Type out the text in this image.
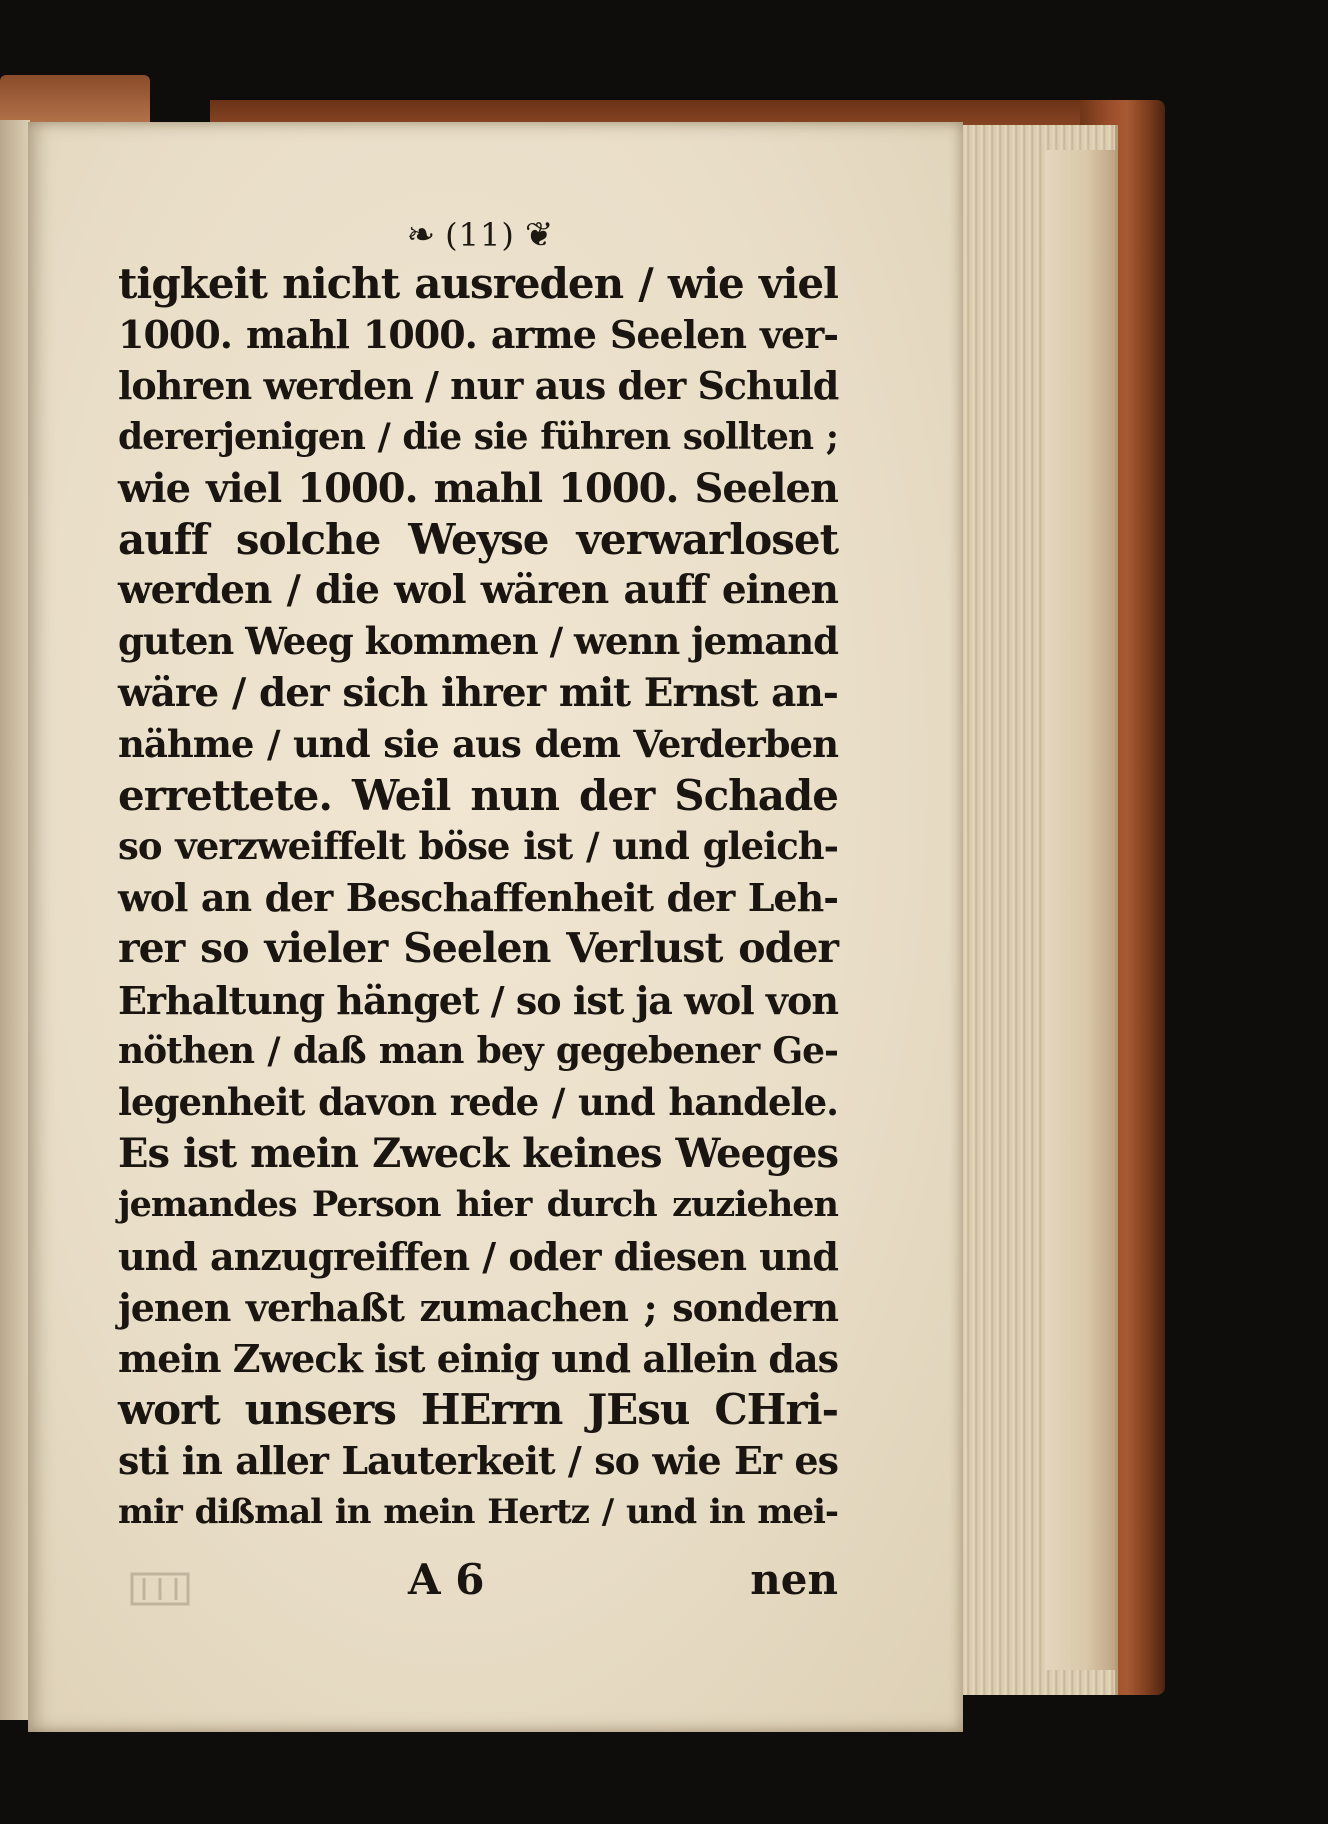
❧ (11) ❦
tigkeit nicht ausreden / wie viel
1000. mahl 1000. arme Seelen ver-
lohren werden / nur aus der Schuld
dererjenigen / die sie führen sollten ;
wie viel 1000. mahl 1000. Seelen
auff solche Weyse verwarloset
werden / die wol wären auff einen
guten Weeg kommen / wenn jemand
wäre / der sich ihrer mit Ernst an-
nähme / und sie aus dem Verderben
errettete. Weil nun der Schade
so verzweiffelt böse ist / und gleich-
wol an der Beschaffenheit der Leh-
rer so vieler Seelen Verlust oder
Erhaltung hänget / so ist ja wol von
nöthen / daß man bey gegebener Ge-
legenheit davon rede / und handele.
Es ist mein Zweck keines Weeges
jemandes Person hier durch zuziehen
und anzugreiffen / oder diesen und
jenen verhaßt zumachen ; sondern
mein Zweck ist einig und allein das
wort unsers HErrn JEsu CHri-
sti in aller Lauterkeit / so wie Er es
mir dißmal in mein Hertz / und in mei-
A 6	nen
